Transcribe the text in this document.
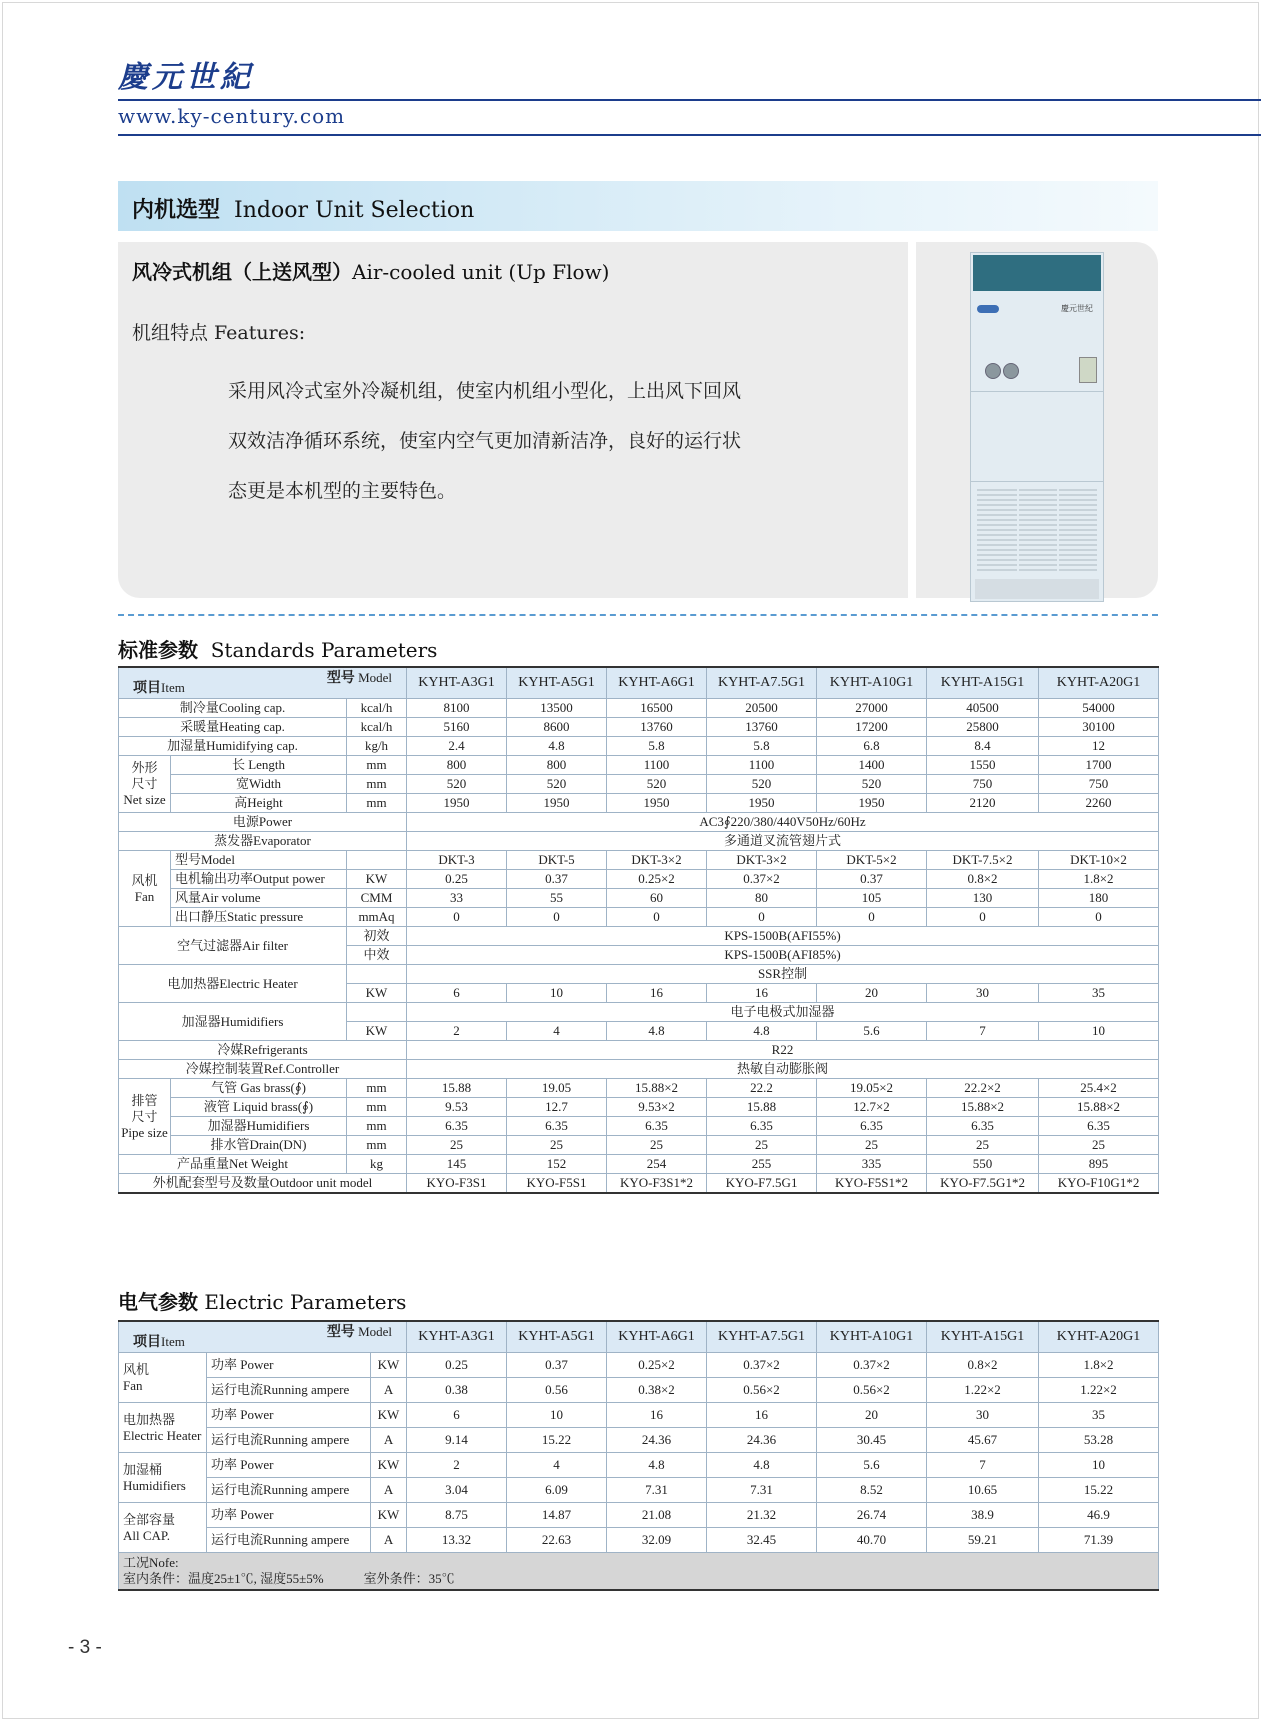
慶元世紀
www.ky-century.com
内机选型 Indoor Unit Selection
风冷式机组（上送风型）Air-cooled unit (Up Flow)
机组特点 Features:
采用风冷式室外冷凝机组，使室内机组小型化，上出风下回风
双效洁净循环系统，使室内空气更加清新洁净，良好的运行状
态更是本机型的主要特色。
慶元世紀
标准参数 Standards Parameters
型号 Model
项目Item			KYHT-A3G1	KYHT-A5G1	KYHT-A6G1	KYHT-A7.5G1	KYHT-A10G1	KYHT-A15G1	KYHT-A20G1
制冷量Cooling cap.		kcal/h	8100	13500	16500	20500	27000	40500	54000
采暖量Heating cap.		kcal/h	5160	8600	13760	13760	17200	25800	30100
加湿量Humidifying cap.		kg/h	2.4	4.8	5.8	5.8	6.8	8.4	12
外形
尺寸
Net size	长 Length	mm	800	800	1100	1100	1400	1550	1700
	宽Width	mm	520	520	520	520	520	750	750
	高Height	mm	1950	1950	1950	1950	1950	2120	2260
电源Power			AC3∮220/380/440V50Hz/60Hz						
蒸发器Evaporator			多通道叉流管翅片式						
风机
Fan	型号Model		DKT-3	DKT-5	DKT-3×2	DKT-3×2	DKT-5×2	DKT-7.5×2	DKT-10×2
	电机输出功率Output power	KW	0.25	0.37	0.25×2	0.37×2	0.37	0.8×2	1.8×2
	风量Air volume	CMM	33	55	60	80	105	130	180
	出口静压Static pressure	mmAq	0	0	0	0	0	0	0
空气过滤器Air filter		初效	KPS-1500B(AFI55%)						
		中效	KPS-1500B(AFI85%)						
电加热器Electric Heater			SSR控制						
		KW	6	10	16	16	20	30	35
加湿器Humidifiers			电子电极式加湿器						
		KW	2	4	4.8	4.8	5.6	7	10
冷媒Refrigerants			R22						
冷媒控制装置Ref.Controller			热敏自动膨胀阀						
排管
尺寸
Pipe size	气管 Gas brass(∮)	mm	15.88	19.05	15.88×2	22.2	19.05×2	22.2×2	25.4×2
	液管 Liquid brass(∮)	mm	9.53	12.7	9.53×2	15.88	12.7×2	15.88×2	15.88×2
	加湿器Humidifiers	mm	6.35	6.35	6.35	6.35	6.35	6.35	6.35
	排水管Drain(DN)	mm	25	25	25	25	25	25	25
产品重量Net Weight		kg	145	152	254	255	335	550	895
外机配套型号及数量Outdoor unit model			KYO-F3S1	KYO-F5S1	KYO-F3S1*2	KYO-F7.5G1	KYO-F5S1*2	KYO-F7.5G1*2	KYO-F10G1*2
电气参数 Electric Parameters
型号 Model
项目Item			KYHT-A3G1	KYHT-A5G1	KYHT-A6G1	KYHT-A7.5G1	KYHT-A10G1	KYHT-A15G1	KYHT-A20G1
风机
Fan	功率 Power	KW	0.25	0.37	0.25×2	0.37×2	0.37×2	0.8×2	1.8×2
	运行电流Running ampere	A	0.38	0.56	0.38×2	0.56×2	0.56×2	1.22×2	1.22×2
电加热器
Electric Heater	功率 Power	KW	6	10	16	16	20	30	35
	运行电流Running ampere	A	9.14	15.22	24.36	24.36	30.45	45.67	53.28
加湿桶
Humidifiers	功率 Power	KW	2	4	4.8	4.8	5.6	7	10
	运行电流Running ampere	A	3.04	6.09	7.31	7.31	8.52	10.65	15.22
全部容量
All CAP.	功率 Power	KW	8.75	14.87	21.08	21.32	26.74	38.9	46.9
	运行电流Running ampere	A	13.32	22.63	32.09	32.45	40.70	59.21	71.39

工况Nofe:
室内条件：温度25±1℃, 湿度55±5% 室外条件：35℃									
- 3 -
